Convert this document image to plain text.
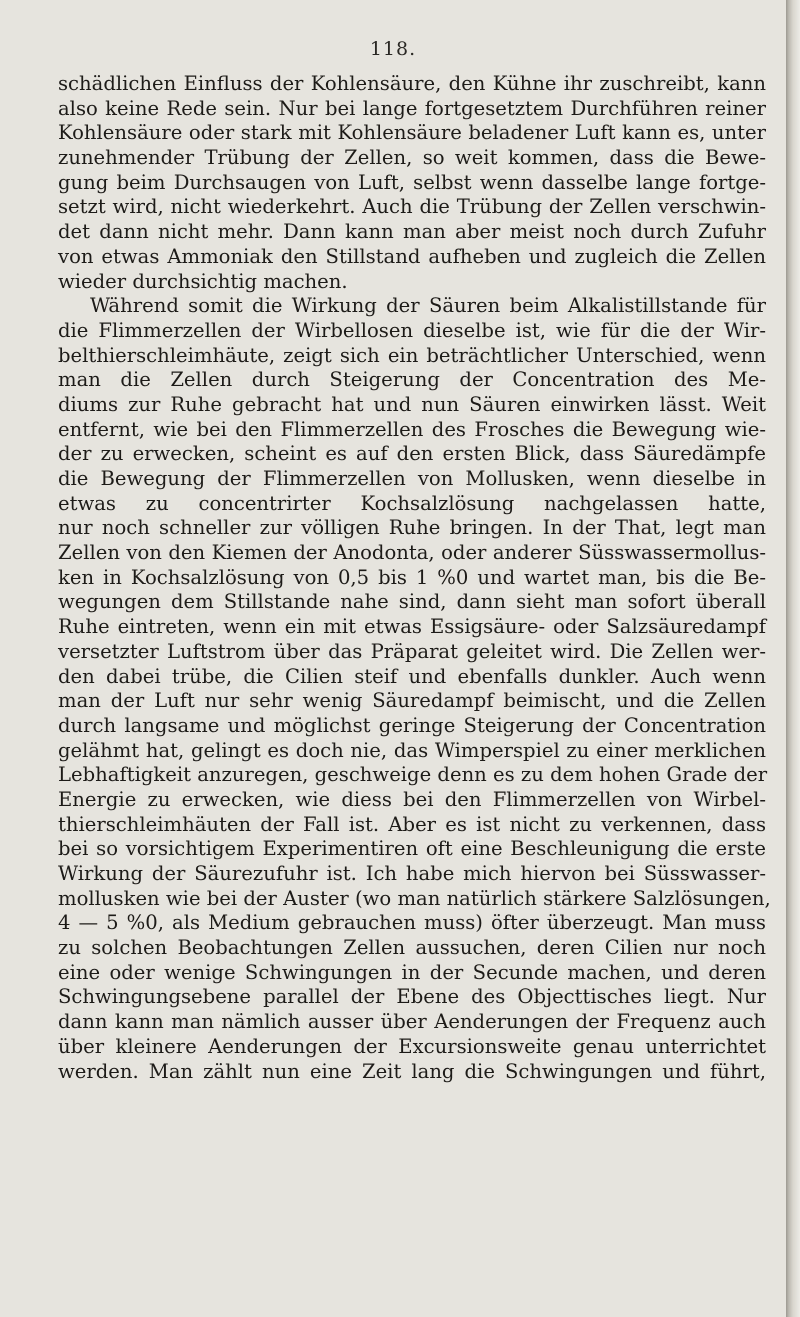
118.
schädlichen Einfluss der Kohlensäure, den Kühne ihr zuschreibt, kann
also keine Rede sein. Nur bei lange fortgesetztem Durchführen reiner
Kohlensäure oder stark mit Kohlensäure beladener Luft kann es, unter
zunehmender Trübung der Zellen, so weit kommen, dass die Bewe-
gung beim Durchsaugen von Luft, selbst wenn dasselbe lange fortge-
setzt wird, nicht wiederkehrt. Auch die Trübung der Zellen verschwin-
det dann nicht mehr. Dann kann man aber meist noch durch Zufuhr
von etwas Ammoniak den Stillstand aufheben und zugleich die Zellen
wieder durchsichtig machen.
Während somit die Wirkung der Säuren beim Alkalistillstande für
die Flimmerzellen der Wirbellosen dieselbe ist, wie für die der Wir-
belthierschleimhäute, zeigt sich ein beträchtlicher Unterschied, wenn
man die Zellen durch Steigerung der Concentration des Me-
diums zur Ruhe gebracht hat und nun Säuren einwirken lässt. Weit
entfernt, wie bei den Flimmerzellen des Frosches die Bewegung wie-
der zu erwecken, scheint es auf den ersten Blick, dass Säuredämpfe
die Bewegung der Flimmerzellen von Mollusken, wenn dieselbe in
etwas zu concentrirter Kochsalzlösung nachgelassen hatte,
nur noch schneller zur völligen Ruhe bringen. In der That, legt man
Zellen von den Kiemen der Anodonta, oder anderer Süsswassermollus-
ken in Kochsalzlösung von 0,5 bis 1 %0 und wartet man, bis die Be-
wegungen dem Stillstande nahe sind, dann sieht man sofort überall
Ruhe eintreten, wenn ein mit etwas Essigsäure- oder Salzsäuredampf
versetzter Luftstrom über das Präparat geleitet wird. Die Zellen wer-
den dabei trübe, die Cilien steif und ebenfalls dunkler. Auch wenn
man der Luft nur sehr wenig Säuredampf beimischt, und die Zellen
durch langsame und möglichst geringe Steigerung der Concentration
gelähmt hat, gelingt es doch nie, das Wimperspiel zu einer merklichen
Lebhaftigkeit anzuregen, geschweige denn es zu dem hohen Grade der
Energie zu erwecken, wie diess bei den Flimmerzellen von Wirbel-
thierschleimhäuten der Fall ist. Aber es ist nicht zu verkennen, dass
bei so vorsichtigem Experimentiren oft eine Beschleunigung die erste
Wirkung der Säurezufuhr ist. Ich habe mich hiervon bei Süsswasser-
mollusken wie bei der Auster (wo man natürlich stärkere Salzlösungen,
4 — 5 %0, als Medium gebrauchen muss) öfter überzeugt. Man muss
zu solchen Beobachtungen Zellen aussuchen, deren Cilien nur noch
eine oder wenige Schwingungen in der Secunde machen, und deren
Schwingungsebene parallel der Ebene des Objecttisches liegt. Nur
dann kann man nämlich ausser über Aenderungen der Frequenz auch
über kleinere Aenderungen der Excursionsweite genau unterrichtet
werden. Man zählt nun eine Zeit lang die Schwingungen und führt,
